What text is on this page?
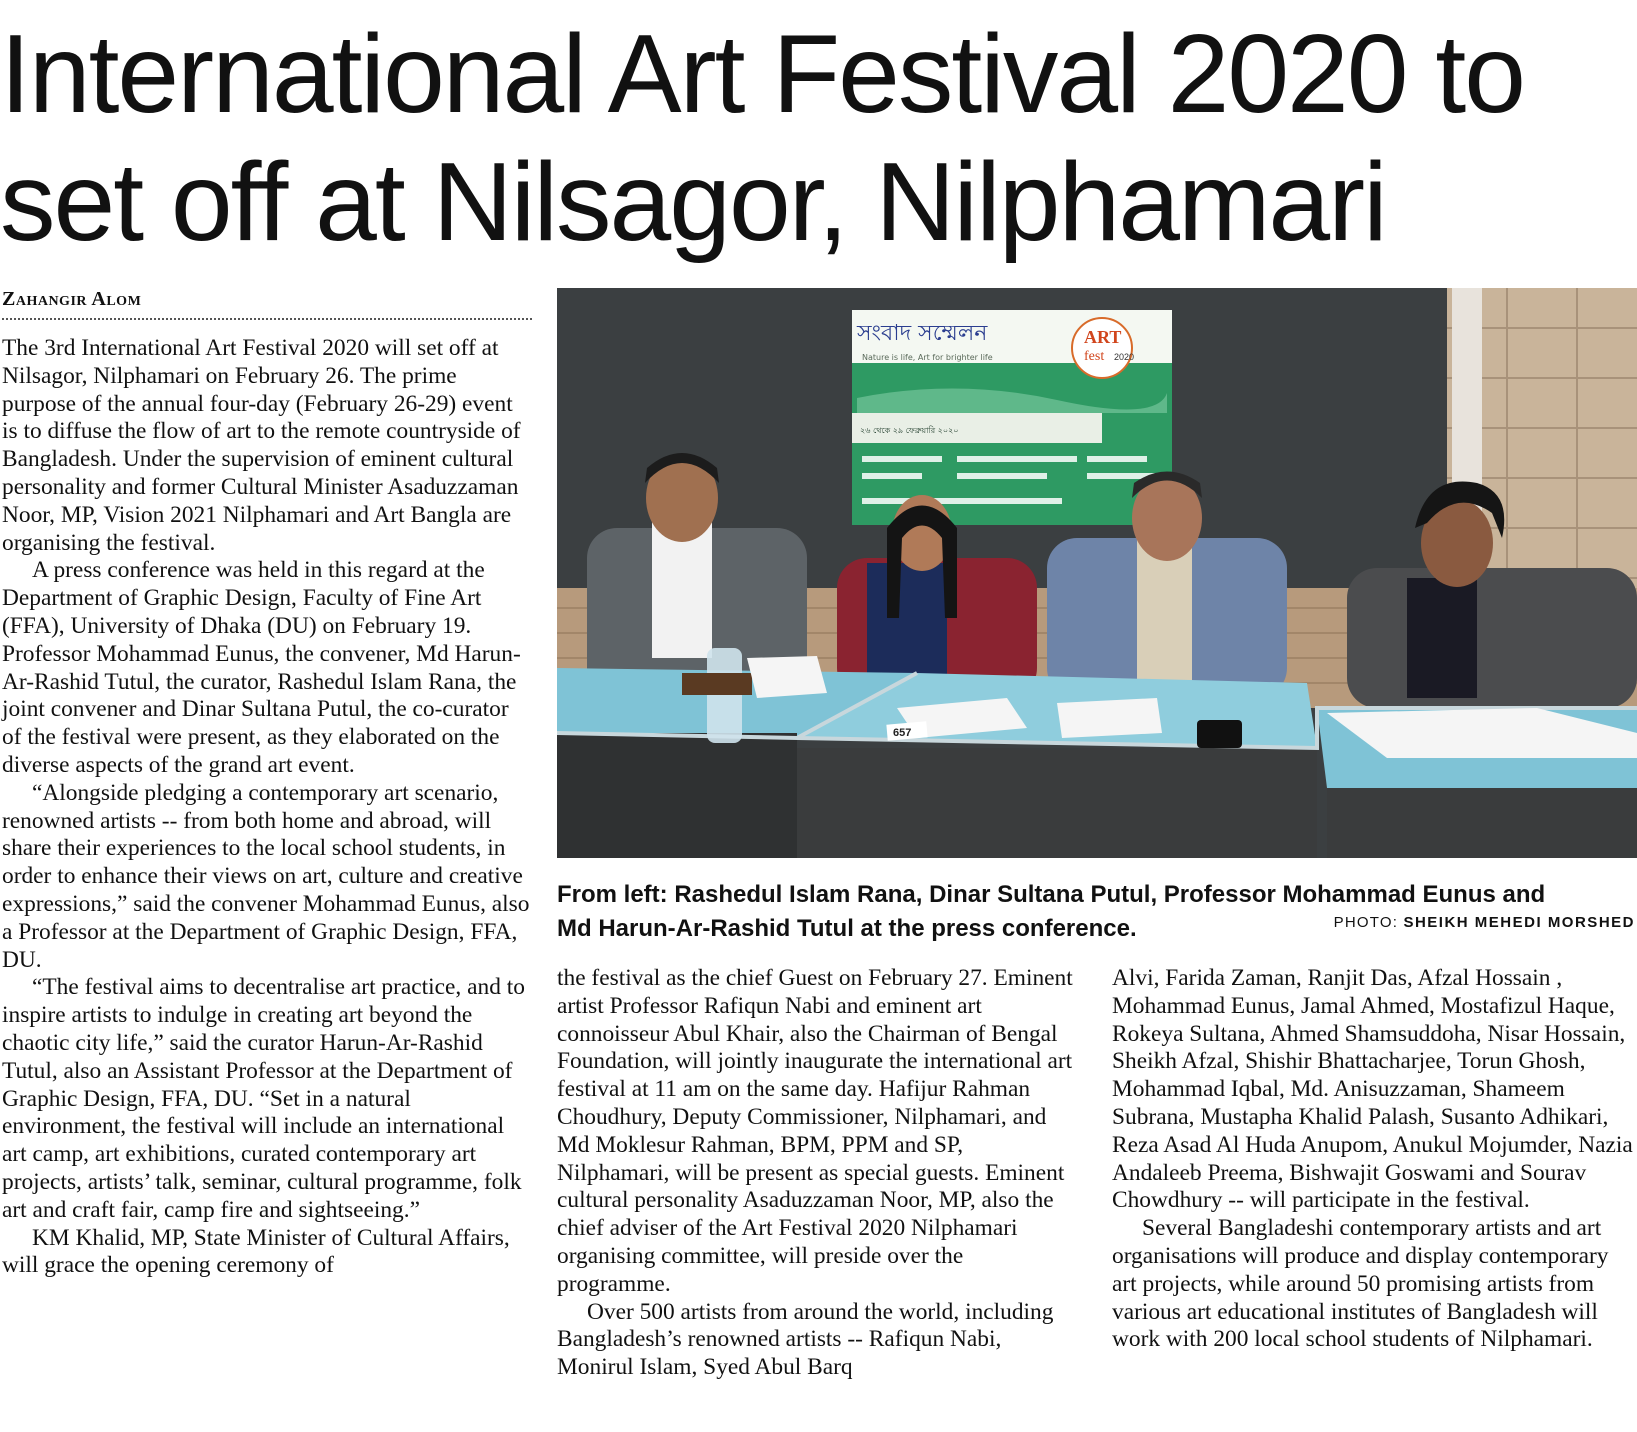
International Art Festival 2020 to
set off at Nilsagor, Nilphamari
Zahangir Alom

The 3rd International Art Festival 2020 will set off at Nilsagor, Nilphamari on February 26. The prime purpose of the annual four-day (February 26-29) event is to diffuse the flow of art to the remote countryside of Bangladesh. Under the supervision of eminent cultural personality and former Cultural Minister Asaduzzaman Noor, MP, Vision 2021 Nilphamari and Art Bangla are organising the festival.

A press conference was held in this regard at the Department of Graphic Design, Faculty of Fine Art (FFA), University of Dhaka (DU) on February 19. Professor Mohammad Eunus, the convener, Md Harun-Ar-Rashid Tutul, the curator, Rashedul Islam Rana, the joint convener and Dinar Sultana Putul, the co-curator of the festival were present, as they elaborated on the diverse aspects of the grand art event.

“Alongside pledging a contemporary art scenario, renowned artists -- from both home and abroad, will share their experiences to the local school students, in order to enhance their views on art, culture and creative expressions,” said the convener Mohammad Eunus, also a Professor at the Department of Graphic Design, FFA, DU.

“The festival aims to decentralise art practice, and to inspire artists to indulge in creating art beyond the chaotic city life,” said the curator Harun-Ar-Rashid Tutul, also an Assistant Professor at the Department of Graphic Design, FFA, DU. “Set in a natural environment, the festival will include an international art camp, art exhibitions, curated contemporary art projects, artists’ talk, seminar, cultural programme, folk art and craft fair, camp fire and sightseeing.”

KM Khalid, MP, State Minister of Cultural Affairs, will grace the opening ceremony of

সংবাদ সম্মেলন
Nature is life, Art for brighter life
২৬ থেকে ২৯ ফেব্রুয়ারি ২০২০
ART
fest 2020
657
From left: Rashedul Islam Rana, Dinar Sultana Putul, Professor Mohammad Eunus and
Md Harun-Ar-Rashid Tutul at the press conference.	PHOTO: SHEIKH MEHEDI MORSHED

the festival as the chief Guest on February 27. Eminent artist Professor Rafiqun Nabi and eminent art connoisseur Abul Khair, also the Chairman of Bengal Foundation, will jointly inaugurate the international art festival at 11 am on the same day. Hafijur Rahman Choudhury, Deputy Commissioner, Nilphamari, and Md Moklesur Rahman, BPM, PPM and SP, Nilphamari, will be present as special guests. Eminent cultural personality Asaduzzaman Noor, MP, also the chief adviser of the Art Festival 2020 Nilphamari organising committee, will preside over the programme.

Over 500 artists from around the world, including Bangladesh’s renowned artists -- Rafiqun Nabi, Monirul Islam, Syed Abul Barq

Alvi, Farida Zaman, Ranjit Das, Afzal Hossain , Mohammad Eunus, Jamal Ahmed, Mostafizul Haque, Rokeya Sultana, Ahmed Shamsuddoha, Nisar Hossain, Sheikh Afzal, Shishir Bhattacharjee, Torun Ghosh, Mohammad Iqbal, Md. Anisuzzaman, Shameem Subrana, Mustapha Khalid Palash, Susanto Adhikari, Reza Asad Al Huda Anupom, Anukul Mojumder, Nazia Andaleeb Preema, Bishwajit Goswami and Sourav Chowdhury -- will participate in the festival.

Several Bangladeshi contemporary artists and art organisations will produce and display contemporary art projects, while around 50 promising artists from various art educational institutes of Bangladesh will work with 200 local school students of Nilphamari.
